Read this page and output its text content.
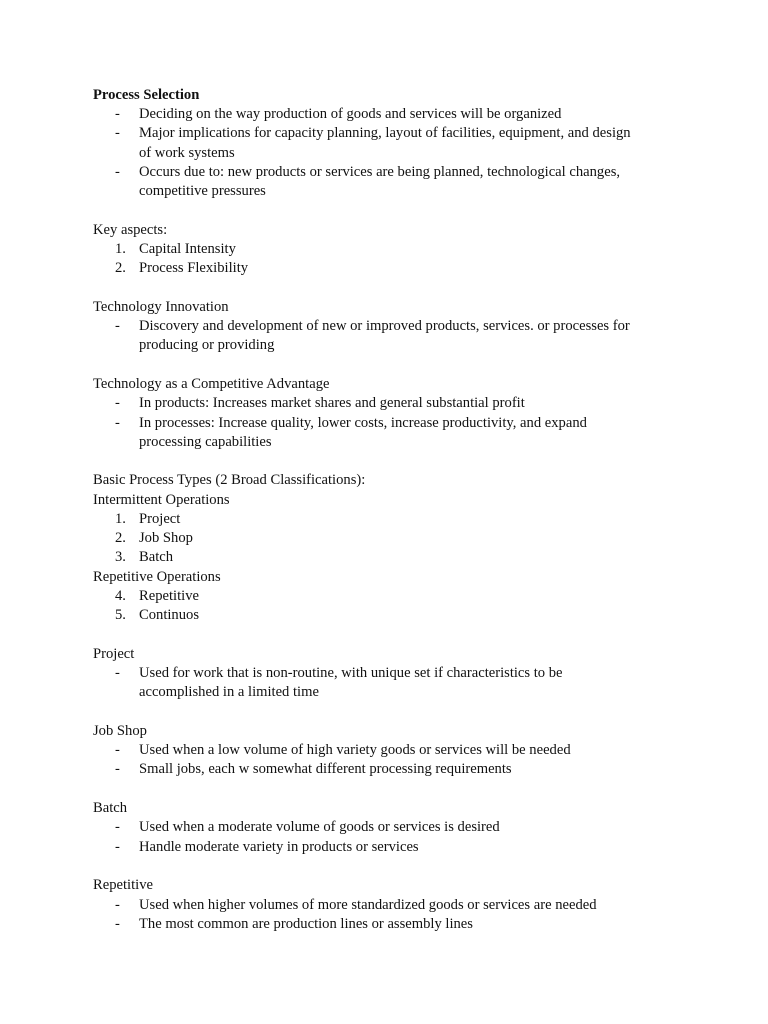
Process Selection
- Deciding on the way production of goods and services will be organized
- Major implications for capacity planning, layout of facilities, equipment, and design
of work systems
- Occurs due to: new products or services are being planned, technological changes,
competitive pressures
Key aspects:
1. Capital Intensity
2. Process Flexibility
Technology Innovation
- Discovery and development of new or improved products, services. or processes for
producing or providing
Technology as a Competitive Advantage
- In products: Increases market shares and general substantial profit
- In processes: Increase quality, lower costs, increase productivity, and expand
processing capabilities
Basic Process Types (2 Broad Classifications):
Intermittent Operations
1. Project
2. Job Shop
3. Batch
Repetitive Operations
4. Repetitive
5. Continuos
Project
- Used for work that is non-routine, with unique set if characteristics to be
accomplished in a limited time
Job Shop
- Used when a low volume of high variety goods or services will be needed
- Small jobs, each w somewhat different processing requirements
Batch
- Used when a moderate volume of goods or services is desired
- Handle moderate variety in products or services
Repetitive
- Used when higher volumes of more standardized goods or services are needed
- The most common are production lines or assembly lines
